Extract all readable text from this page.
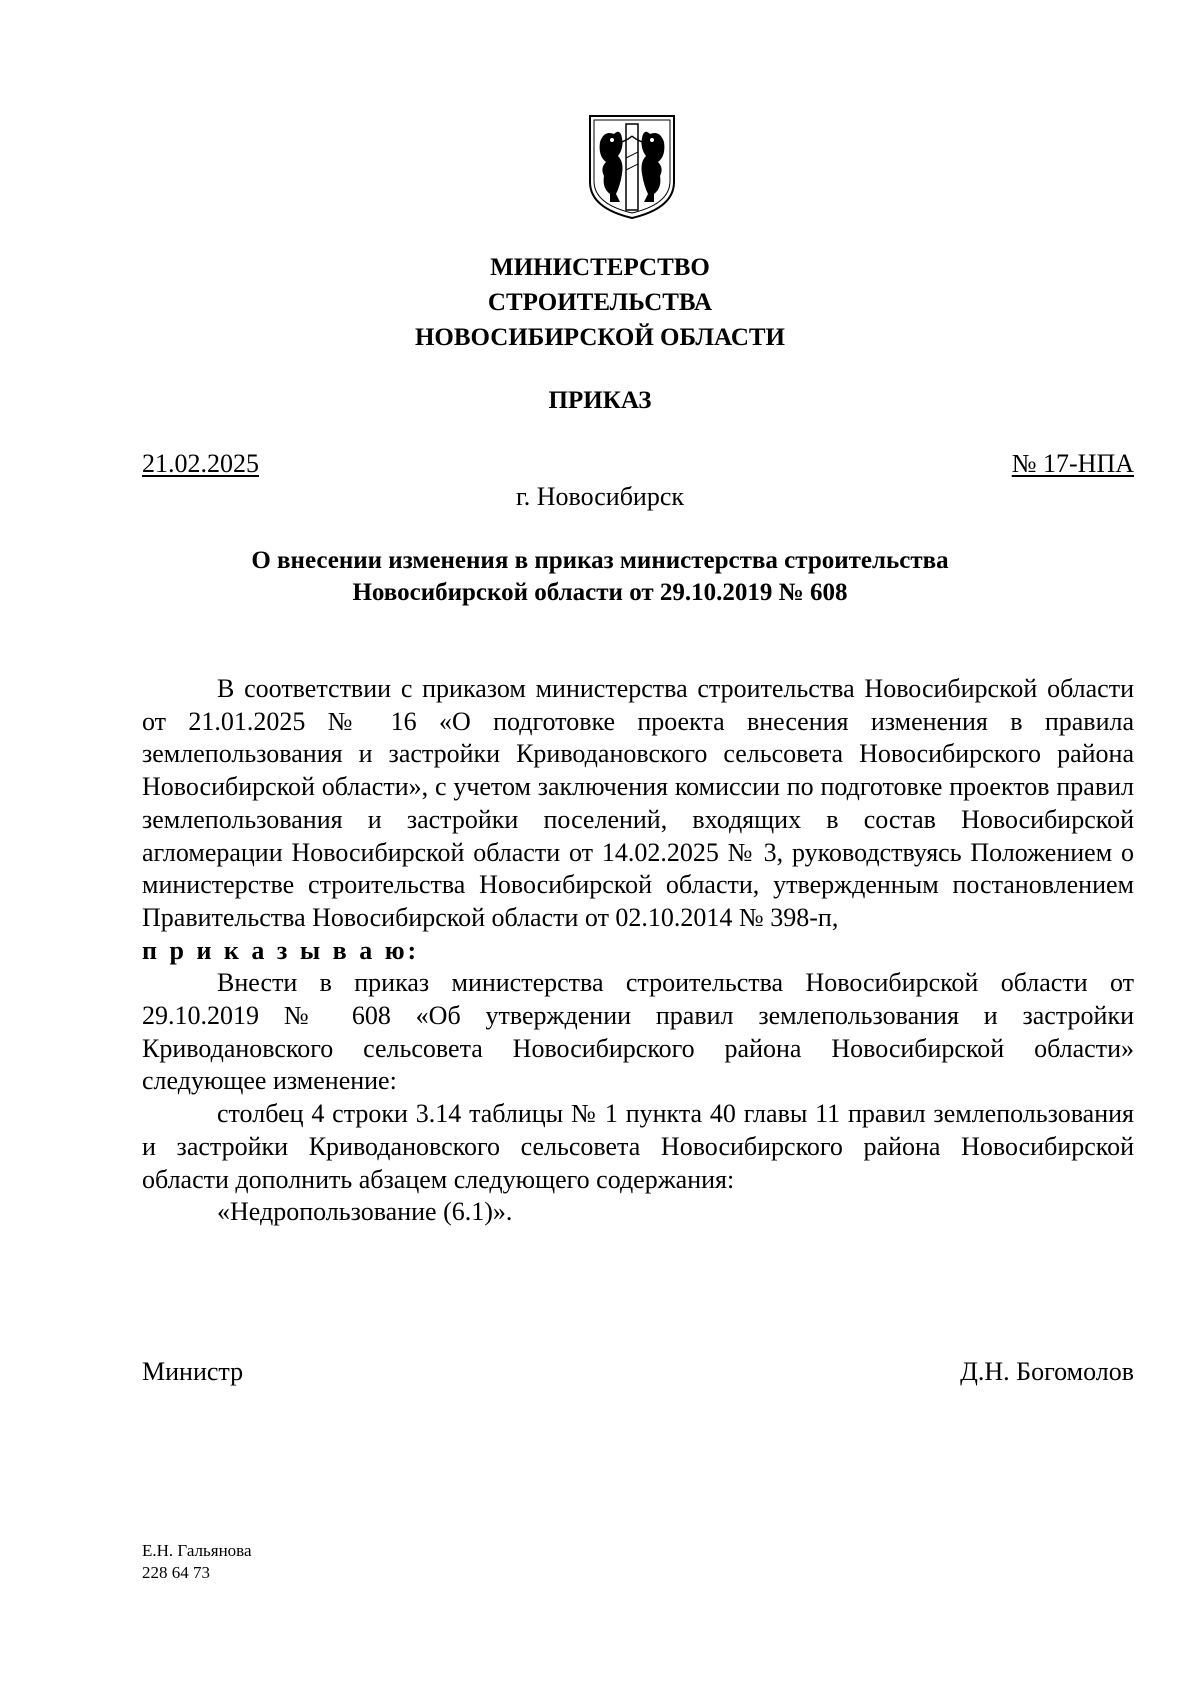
МИНИСТЕРСТВО
СТРОИТЕЛЬСТВА
НОВОСИБИРСКОЙ ОБЛАСТИ
ПРИКАЗ
21.02.2025	№ 17-НПА
г. Новосибирск
О внесении изменения в приказ министерства строительства
Новосибирской области от 29.10.2019 № 608

В соответствии с приказом министерства строительства Новосибирской области от 21.01.2025 № 16 «О подготовке проекта внесения изменения в правила землепользования и застройки Криводановского сельсовета Новосибирского района Новосибирской области», с учетом заключения комиссии по подготовке проектов правил землепользования и застройки поселений, входящих в состав Новосибирской агломерации Новосибирской области от 14.02.2025 № 3, руководствуясь Положением о министерстве строительства Новосибирской области, утвержденным постановлением Правительства Новосибирской области от 02.10.2014 № 398-п,

п р и к а з ы в а ю:

Внести в приказ министерства строительства Новосибирской области от 29.10.2019 № 608 «Об утверждении правил землепользования и застройки Криводановского сельсовета Новосибирского района Новосибирской области» следующее изменение:

столбец 4 строки 3.14 таблицы № 1 пункта 40 главы 11 правил землепользования и застройки Криводановского сельсовета Новосибирского района Новосибирской области дополнить абзацем следующего содержания:

«Недропользование (6.1)».

Министр	Д.Н. Богомолов
Е.Н. Гальянова
228 64 73
